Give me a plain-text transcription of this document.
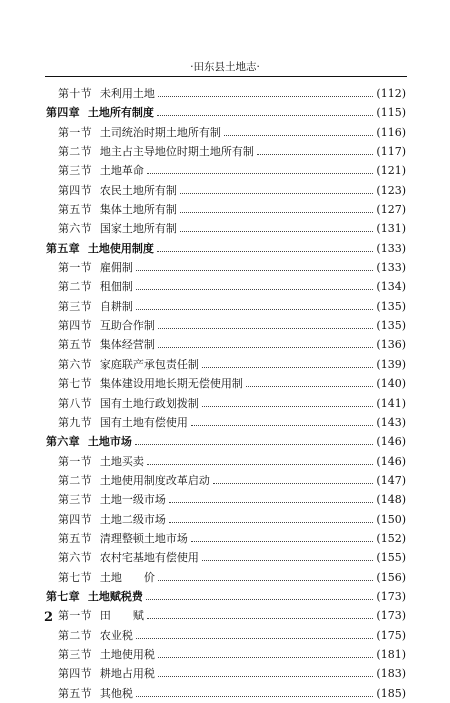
·田东县土地志·
第十节 未利用土地	(112)
第四章 土地所有制度	(115)
第一节 土司统治时期土地所有制	(116)
第二节 地主占主导地位时期土地所有制	(117)
第三节 土地革命	(121)
第四节 农民土地所有制	(123)
第五节 集体土地所有制	(127)
第六节 国家土地所有制	(131)
第五章 土地使用制度	(133)
第一节 雇佣制	(133)
第二节 租佃制	(134)
第三节 自耕制	(135)
第四节 互助合作制	(135)
第五节 集体经营制	(136)
第六节 家庭联产承包责任制	(139)
第七节 集体建设用地长期无偿使用制	(140)
第八节 国有土地行政划拨制	(141)
第九节 国有土地有偿使用	(143)
第六章 土地市场	(146)
第一节 土地买卖	(146)
第二节 土地使用制度改革启动	(147)
第三节 土地一级市场	(148)
第四节 土地二级市场	(150)
第五节 清理整顿土地市场	(152)
第六节 农村宅基地有偿使用	(155)
第七节 土地　　价	(156)
第七章 土地赋税费	(173)
第一节 田　　赋	(173)
第二节 农业税	(175)
第三节 土地使用税	(181)
第四节 耕地占用税	(183)
第五节 其他税	(185)
2
